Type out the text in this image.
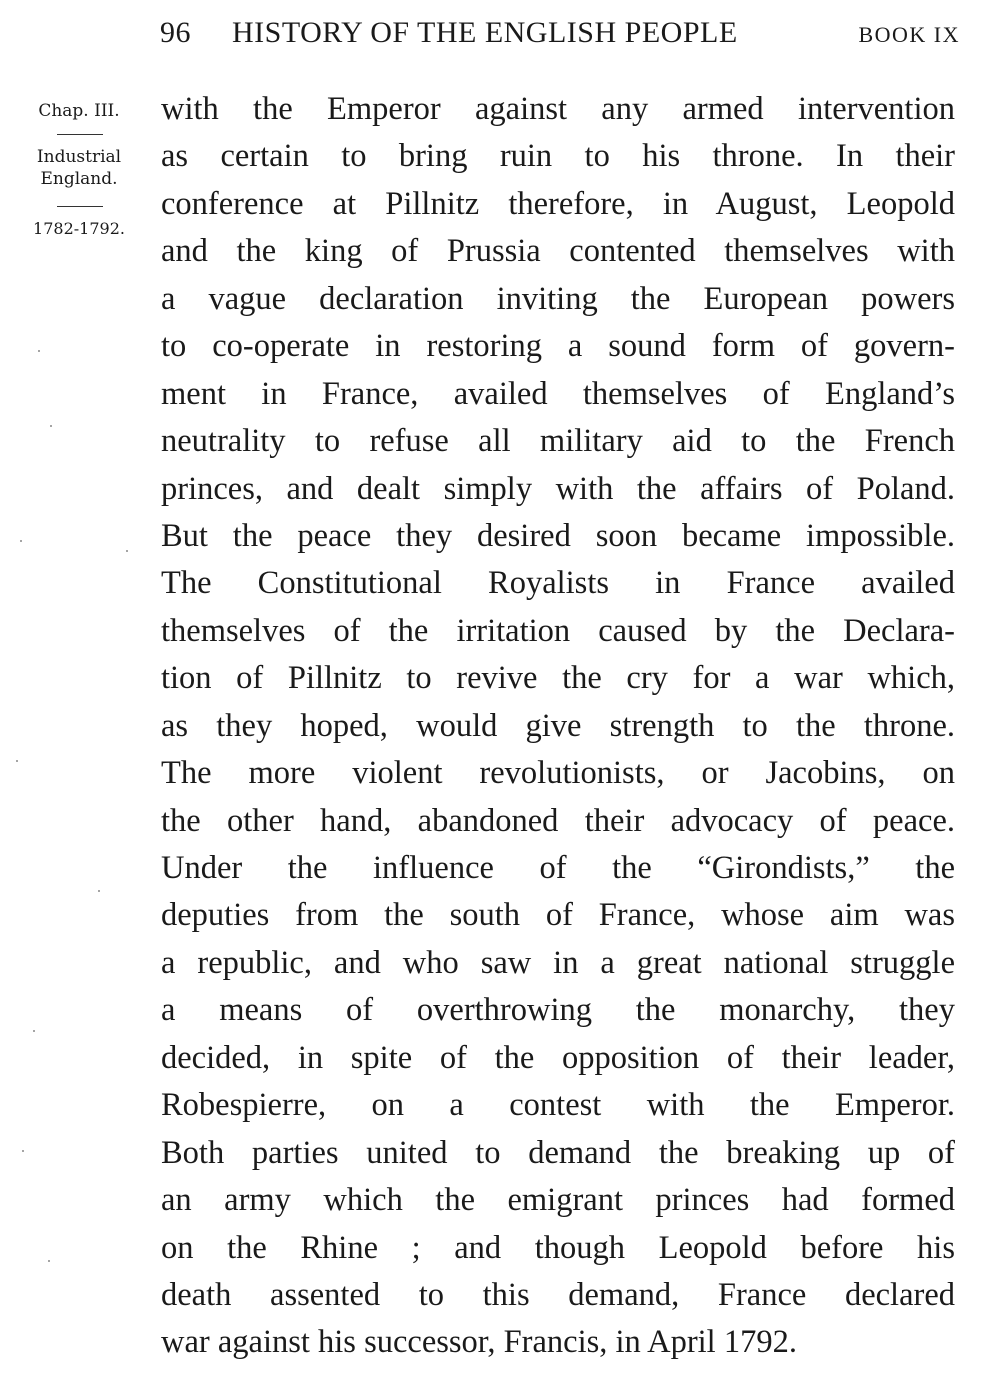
96 HISTORY OF THE ENGLISH PEOPLE	BOOK IX
Chap. III.
Industrial England.
1782-1792.
with the Emperor against any armed intervention
as certain to bring ruin to his throne. In their
conference at Pillnitz therefore, in August, Leopold
and the king of Prussia contented themselves with
a vague declaration inviting the European powers
to co-operate in restoring a sound form of govern-
ment in France, availed themselves of England’s
neutrality to refuse all military aid to the French
princes, and dealt simply with the affairs of Poland.
But the peace they desired soon became impossible.
The Constitutional Royalists in France availed
themselves of the irritation caused by the Declara-
tion of Pillnitz to revive the cry for a war which,
as they hoped, would give strength to the throne.
The more violent revolutionists, or Jacobins, on
the other hand, abandoned their advocacy of peace.
Under the influence of the “Girondists,” the
deputies from the south of France, whose aim was
a republic, and who saw in a great national struggle
a means of overthrowing the monarchy, they
decided, in spite of the opposition of their leader,
Robespierre, on a contest with the Emperor.
Both parties united to demand the breaking up of
an army which the emigrant princes had formed
on the Rhine ; and though Leopold before his
death assented to this demand, France declared
war against his successor, Francis, in April 1792.
